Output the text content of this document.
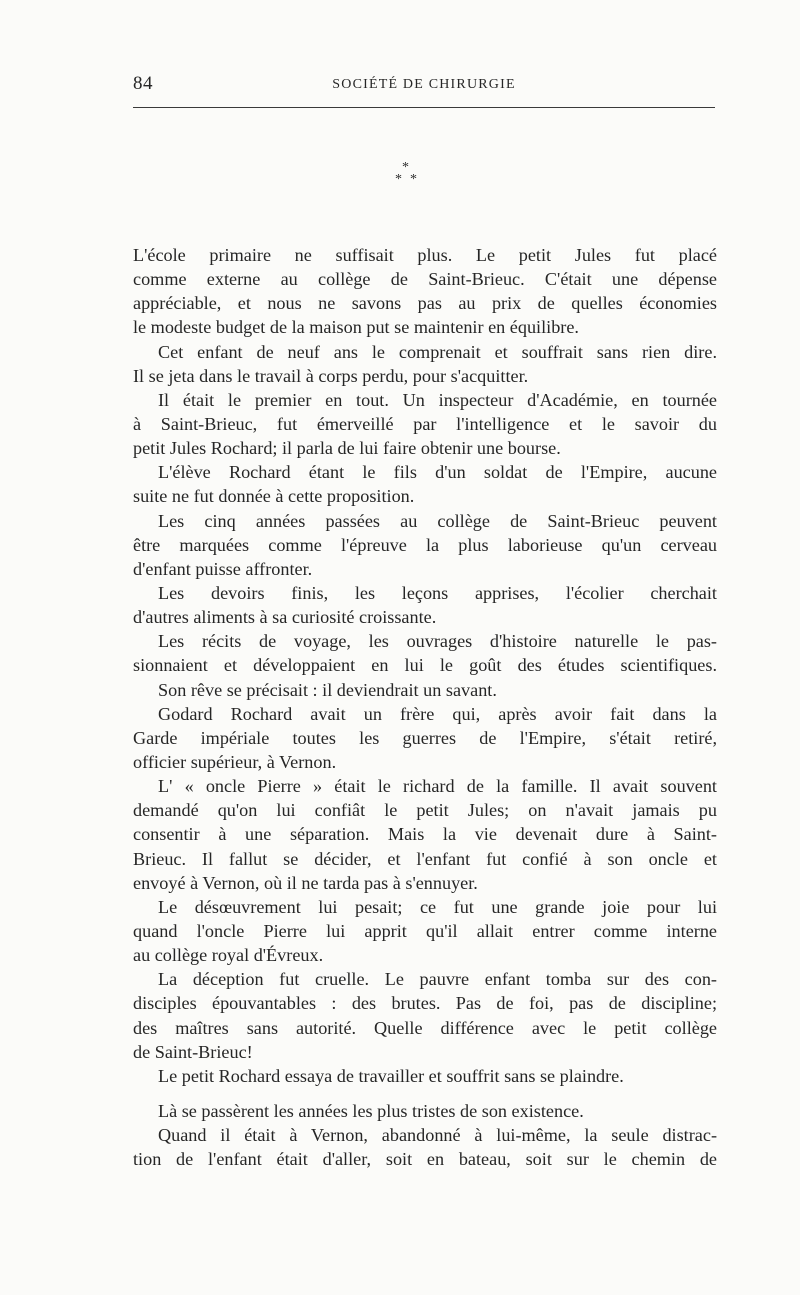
84	SOCIÉTÉ DE CHIRURGIE
*
* *
L'école primaire ne suffisait plus. Le petit Jules fut placé
comme externe au collège de Saint-Brieuc. C'était une dépense
appréciable, et nous ne savons pas au prix de quelles économies
le modeste budget de la maison put se maintenir en équilibre.
Cet enfant de neuf ans le comprenait et souffrait sans rien dire.
Il se jeta dans le travail à corps perdu, pour s'acquitter.
Il était le premier en tout. Un inspecteur d'Académie, en tournée
à Saint-Brieuc, fut émerveillé par l'intelligence et le savoir du
petit Jules Rochard; il parla de lui faire obtenir une bourse.
L'élève Rochard étant le fils d'un soldat de l'Empire, aucune
suite ne fut donnée à cette proposition.
Les cinq années passées au collège de Saint-Brieuc peuvent
être marquées comme l'épreuve la plus laborieuse qu'un cerveau
d'enfant puisse affronter.
Les devoirs finis, les leçons apprises, l'écolier cherchait
d'autres aliments à sa curiosité croissante.
Les récits de voyage, les ouvrages d'histoire naturelle le pas-
sionnaient et développaient en lui le goût des études scientifiques.
Son rêve se précisait : il deviendrait un savant.
Godard Rochard avait un frère qui, après avoir fait dans la
Garde impériale toutes les guerres de l'Empire, s'était retiré,
officier supérieur, à Vernon.
L' « oncle Pierre » était le richard de la famille. Il avait souvent
demandé qu'on lui confiât le petit Jules; on n'avait jamais pu
consentir à une séparation. Mais la vie devenait dure à Saint-
Brieuc. Il fallut se décider, et l'enfant fut confié à son oncle et
envoyé à Vernon, où il ne tarda pas à s'ennuyer.
Le désœuvrement lui pesait; ce fut une grande joie pour lui
quand l'oncle Pierre lui apprit qu'il allait entrer comme interne
au collège royal d'Évreux.
La déception fut cruelle. Le pauvre enfant tomba sur des con-
disciples épouvantables : des brutes. Pas de foi, pas de discipline;
des maîtres sans autorité. Quelle différence avec le petit collège
de Saint-Brieuc!
Le petit Rochard essaya de travailler et souffrit sans se plaindre.
Là se passèrent les années les plus tristes de son existence.
Quand il était à Vernon, abandonné à lui-même, la seule distrac-
tion de l'enfant était d'aller, soit en bateau, soit sur le chemin de
